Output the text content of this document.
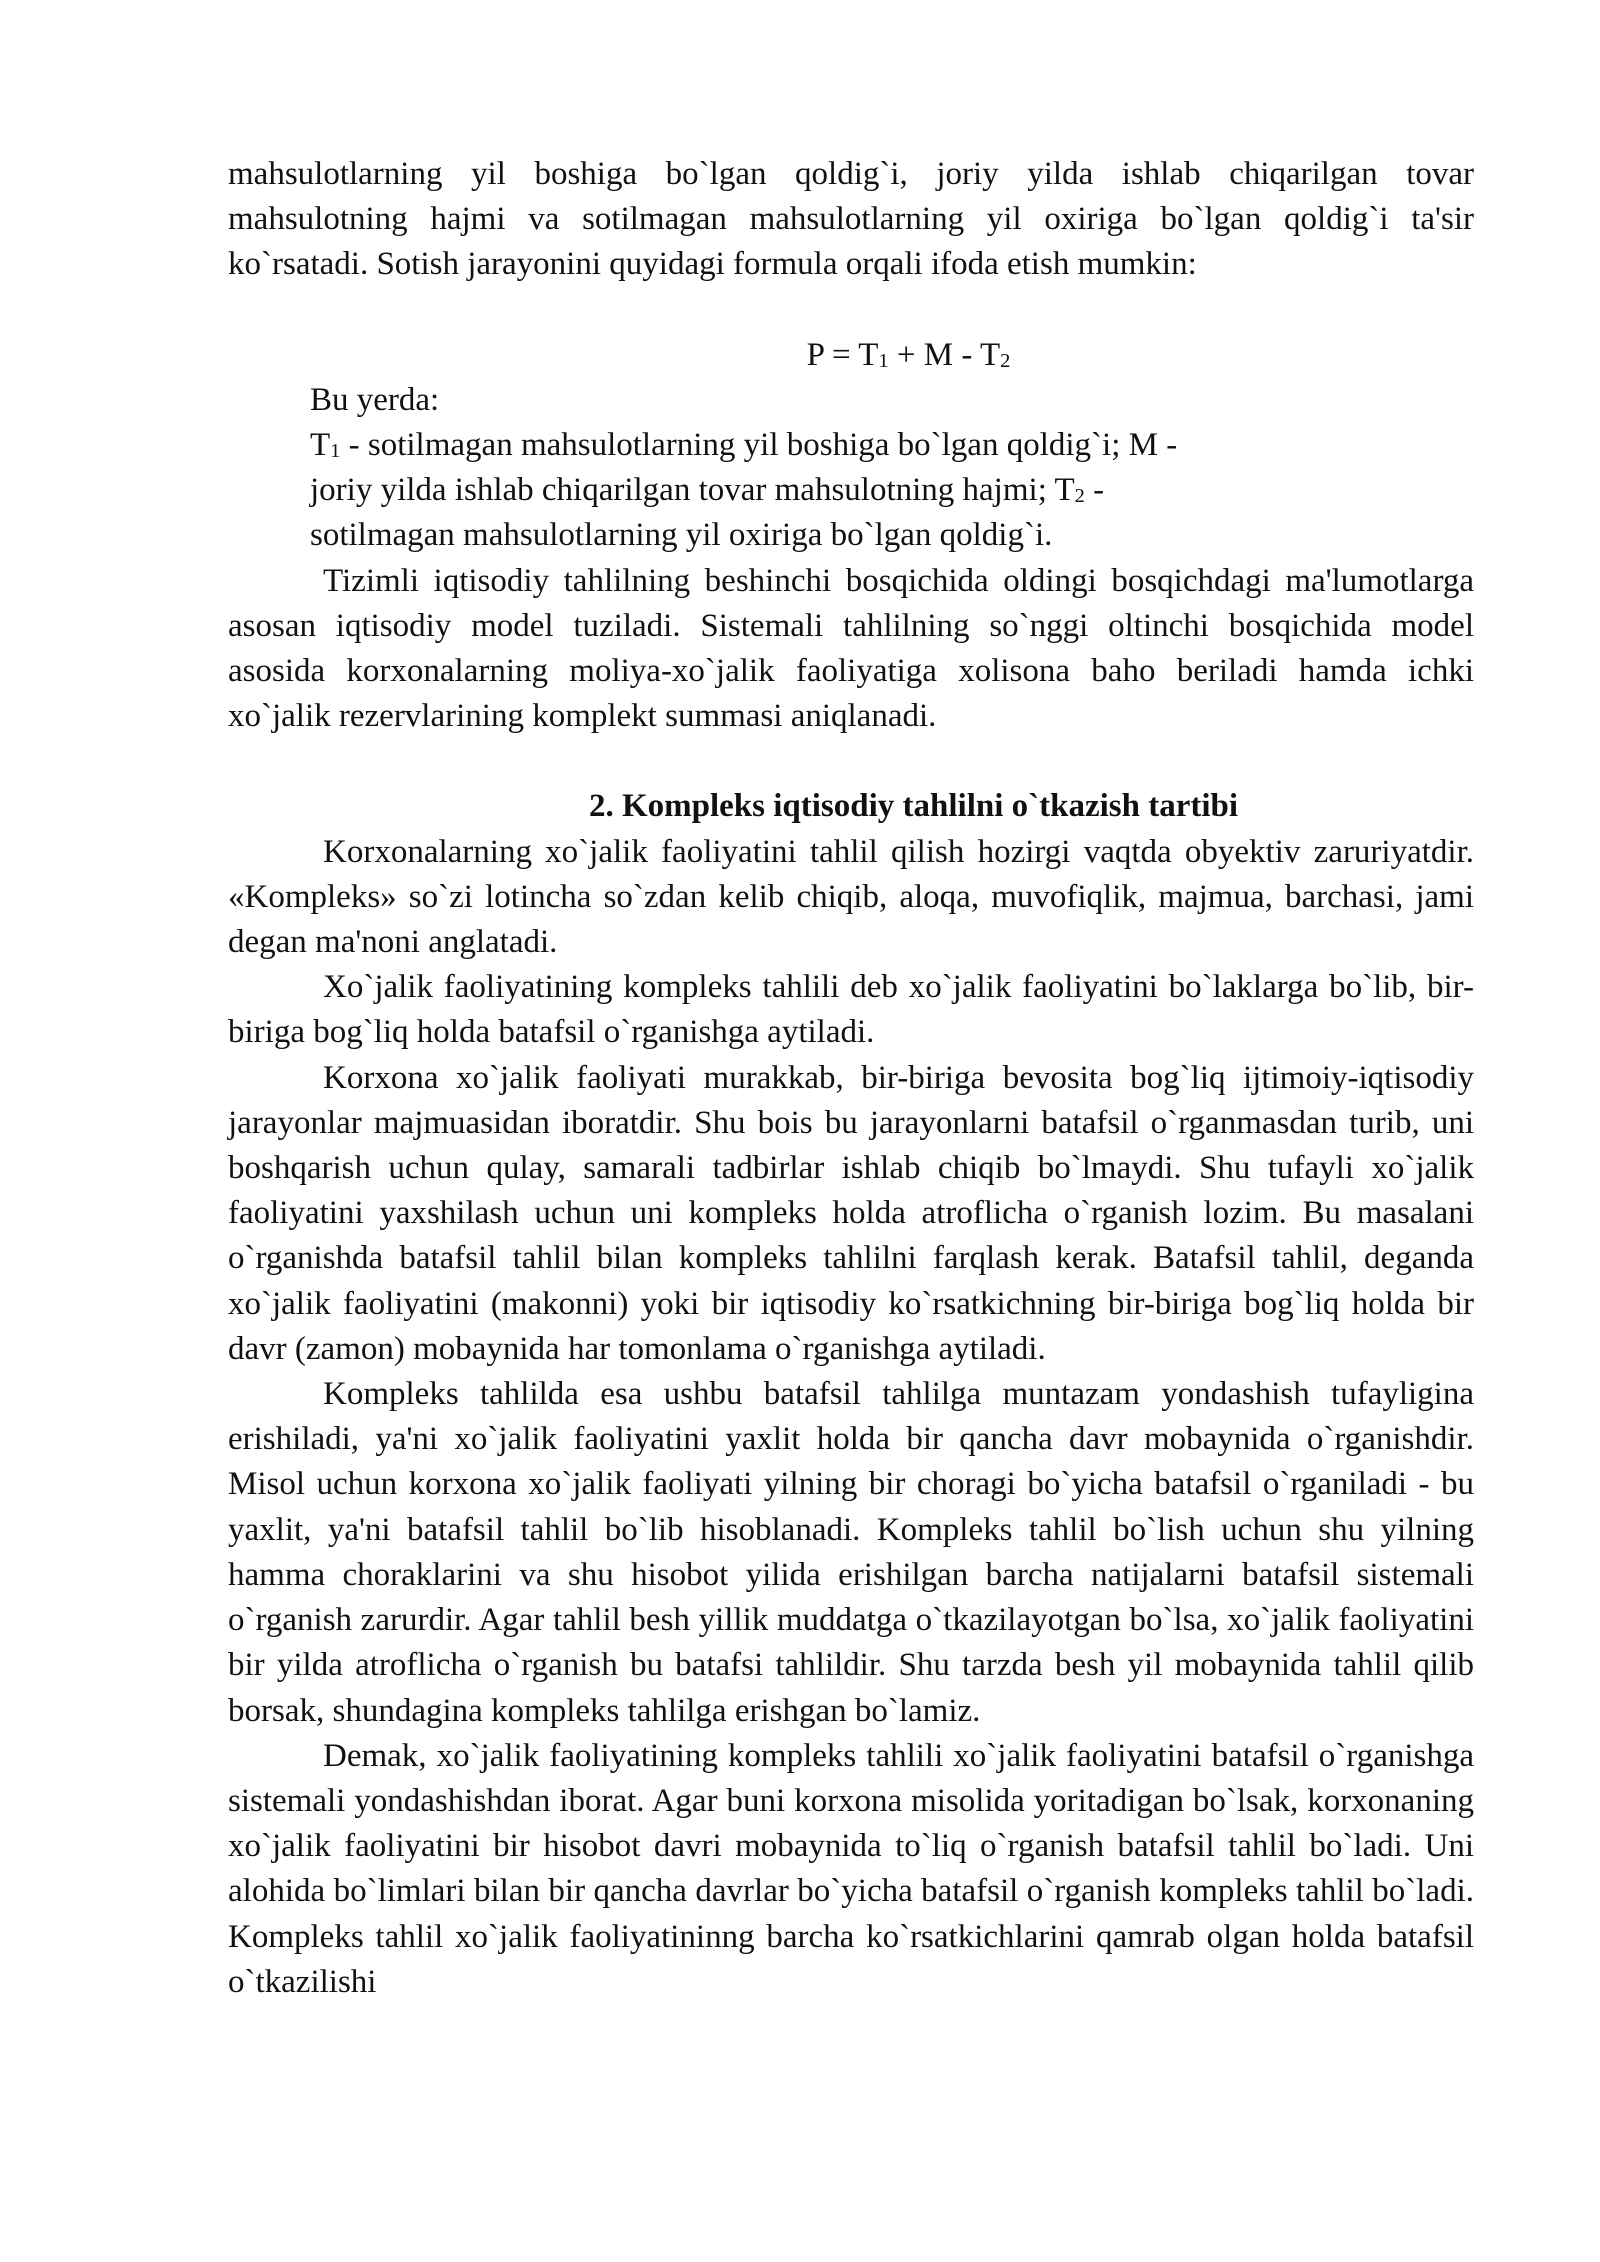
mahsulotlarning yil boshiga bo`lgan qoldig`i, joriy yilda ishlab chiqarilgan tovar mahsulotning hajmi va sotilmagan mahsulotlarning yil oxiriga bo`lgan qoldig`i ta'sir ko`rsatadi. Sotish jarayonini quyidagi formula orqali ifoda etish mumkin:

$P = T_1 + M - T_2$

Bu yerda:

$T_1$ - sotilmagan mahsulotlarning yil boshiga bo`lgan qoldig`i; M -

joriy yilda ishlab chiqarilgan tovar mahsulotning hajmi; $T_2$ -

sotilmagan mahsulotlarning yil oxiriga bo`lgan qoldig`i.

Tizimli iqtisodiy tahlilning beshinchi bosqichida oldingi bosqichdagi ma'lumotlarga asosan iqtisodiy model tuziladi. Sistemali tahlilning so`nggi oltinchi bosqichida model asosida korxonalarning moliya-xo`jalik faoliyatiga xolisona baho beriladi hamda ichki xo`jalik rezervlarining komplekt summasi aniqlanadi.

2. Kompleks iqtisodiy tahlilni o`tkazish tartibi

Korxonalarning xo`jalik faoliyatini tahlil qilish hozirgi vaqtda obyektiv zaruriyatdir. «Kompleks» so`zi lotincha so`zdan kelib chiqib, aloqa, muvofiqlik, majmua, barchasi, jami degan ma'noni anglatadi.

Xo`jalik faoliyatining kompleks tahlili deb xo`jalik faoliyatini bo`laklarga bo`lib, bir-biriga bog`liq holda batafsil o`rganishga aytiladi.

Korxona xo`jalik faoliyati murakkab, bir-biriga bevosita bog`liq ijtimoiy-iqtisodiy jarayonlar majmuasidan iboratdir. Shu bois bu jarayonlarni batafsil o`rganmasdan turib, uni boshqarish uchun qulay, samarali tadbirlar ishlab chiqib bo`lmaydi. Shu tufayli xo`jalik faoliyatini yaxshilash uchun uni kompleks holda atroflicha o`rganish lozim. Bu masalani o`rganishda batafsil tahlil bilan kompleks tahlilni farqlash kerak. Batafsil tahlil, deganda xo`jalik faoliyatini (makonni) yoki bir iqtisodiy ko`rsatkichning bir-biriga bog`liq holda bir davr (zamon) mobaynida har tomonlama o`rganishga aytiladi.

Kompleks tahlilda esa ushbu batafsil tahlilga muntazam yondashish tufayligina erishiladi, ya'ni xo`jalik faoliyatini yaxlit holda bir qancha davr mobaynida o`rganishdir. Misol uchun korxona xo`jalik faoliyati yilning bir choragi bo`yicha batafsil o`rganiladi - bu yaxlit, ya'ni batafsil tahlil bo`lib hisoblanadi. Kompleks tahlil bo`lish uchun shu yilning hamma choraklarini va shu hisobot yilida erishilgan barcha natijalarni batafsil sistemali o`rganish zarurdir. Agar tahlil besh yillik muddatga o`tkazilayotgan bo`lsa, xo`jalik faoliyatini bir yilda atroflicha o`rganish bu batafsi tahlildir. Shu tarzda besh yil mobaynida tahlil qilib borsak, shundagina kompleks tahlilga erishgan bo`lamiz.

Demak, xo`jalik faoliyatining kompleks tahlili xo`jalik faoliyatini batafsil o`rganishga sistemali yondashishdan iborat. Agar buni korxona misolida yoritadigan bo`lsak, korxonaning xo`jalik faoliyatini bir hisobot davri mobaynida to`liq o`rganish batafsil tahlil bo`ladi. Uni alohida bo`limlari bilan bir qancha davrlar bo`yicha batafsil o`rganish kompleks tahlil bo`ladi. Kompleks tahlil xo`jalik faoliyatininng barcha ko`rsatkichlarini qamrab olgan holda batafsil o`tkazilishi
